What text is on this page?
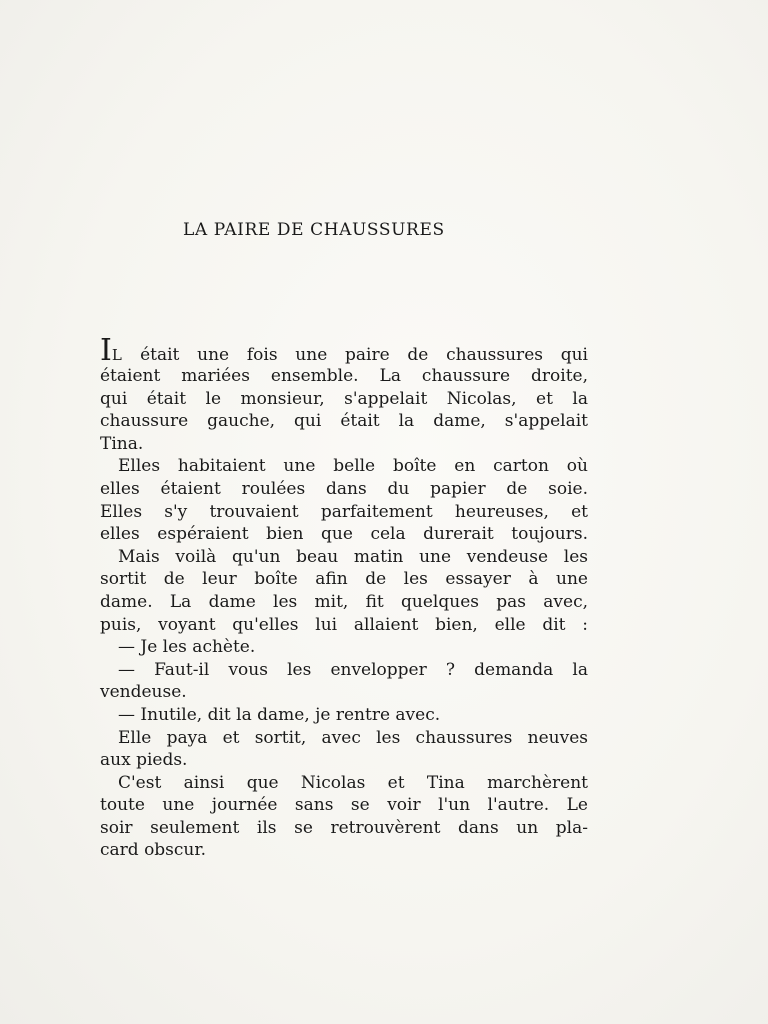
LA PAIRE DE CHAUSSURES
IL était une fois une paire de chaussures qui
étaient mariées ensemble. La chaussure droite,
qui était le monsieur, s'appelait Nicolas, et la
chaussure gauche, qui était la dame, s'appelait
Tina.
Elles habitaient une belle boîte en carton où
elles étaient roulées dans du papier de soie.
Elles s'y trouvaient parfaitement heureuses, et
elles espéraient bien que cela durerait toujours.
Mais voilà qu'un beau matin une vendeuse les
sortit de leur boîte afin de les essayer à une
dame. La dame les mit, fit quelques pas avec,
puis, voyant qu'elles lui allaient bien, elle dit :
— Je les achète.
— Faut-il vous les envelopper ? demanda la
vendeuse.
— Inutile, dit la dame, je rentre avec.
Elle paya et sortit, avec les chaussures neuves
aux pieds.
C'est ainsi que Nicolas et Tina marchèrent
toute une journée sans se voir l'un l'autre. Le
soir seulement ils se retrouvèrent dans un pla-
card obscur.
